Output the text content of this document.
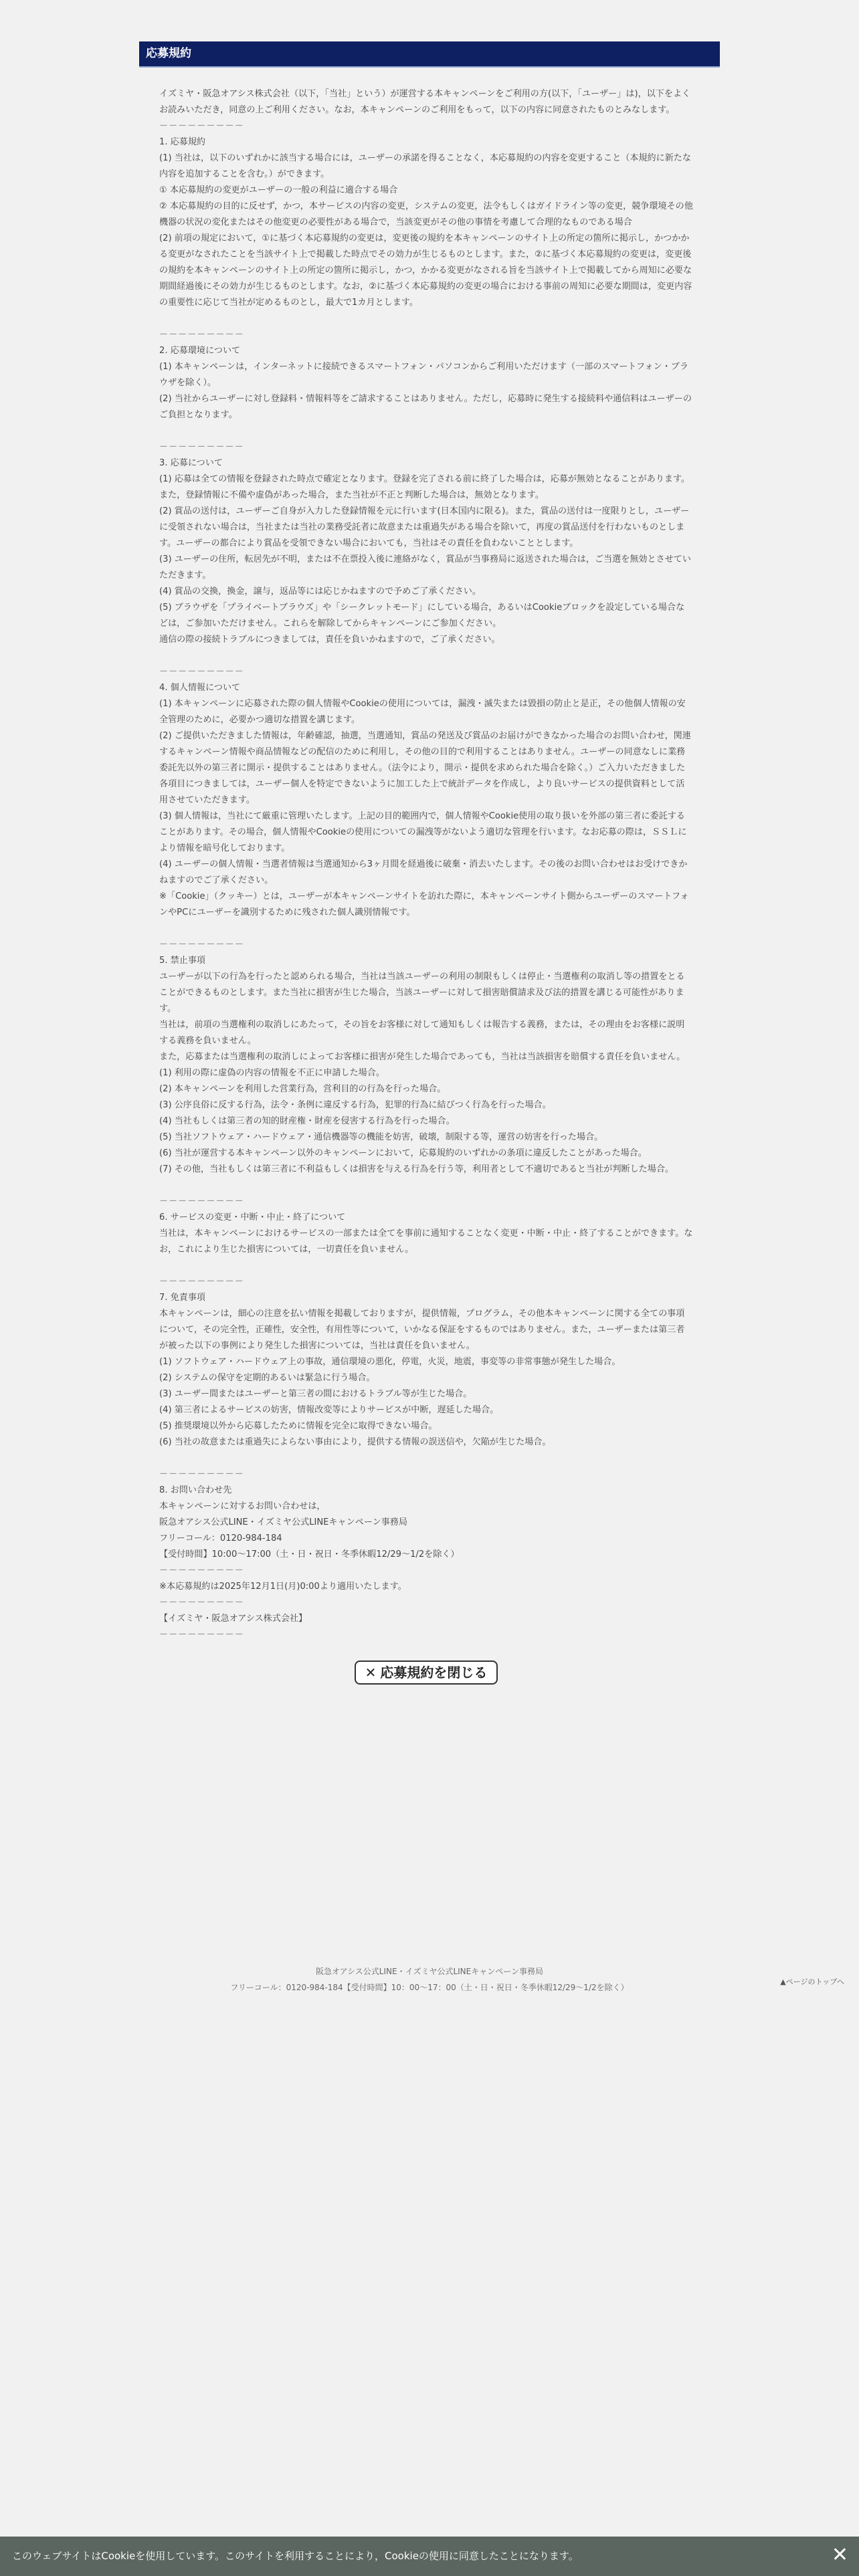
応募規約

イズミヤ・阪急オアシス株式会社（以下，「当社」という）が運営する本キャンペーンをご利用の方(以下，「ユーザー」は)，以下をよくお読みいただき，同意の上ご利用ください。なお，本キャンペーンのご利用をもって，以下の内容に同意されたものとみなします。

－－－－－－－－－

1. 応募規約

(1) 当社は，以下のいずれかに該当する場合には，ユーザーの承諾を得ることなく，本応募規約の内容を変更すること（本規約に新たな内容を追加することを含む。）ができます。

① 本応募規約の変更がユーザーの一般の利益に適合する場合

② 本応募規約の目的に反せず，かつ，本サービスの内容の変更，システムの変更，法令もしくはガイドライン等の変更，競争環境その他機器の状況の変化またはその他変更の必要性がある場合で，当該変更がその他の事情を考慮して合理的なものである場合

(2) 前項の規定において，①に基づく本応募規約の変更は，変更後の規約を本キャンペーンのサイト上の所定の箇所に掲示し，かつかかる変更がなされたことを当該サイト上で掲載した時点でその効力が生じるものとします。また，②に基づく本応募規約の変更は，変更後の規約を本キャンペーンのサイト上の所定の箇所に掲示し，かつ，かかる変更がなされる旨を当該サイト上で掲載してから周知に必要な期間経過後にその効力が生じるものとします。なお，②に基づく本応募規約の変更の場合における事前の周知に必要な期間は，変更内容の重要性に応じて当社が定めるものとし，最大で1カ月とします。

－－－－－－－－－

2. 応募環境について

(1) 本キャンペーンは，インターネットに接続できるスマートフォン・パソコンからご利用いただけます（一部のスマートフォン・ブラウザを除く）。

(2) 当社からユーザーに対し登録料・情報料等をご請求することはありません。ただし，応募時に発生する接続料や通信料はユーザーのご負担となります。

－－－－－－－－－

3. 応募について

(1) 応募は全ての情報を登録された時点で確定となります。登録を完了される前に終了した場合は，応募が無効となることがあります。また，登録情報に不備や虚偽があった場合，また当社が不正と判断した場合は，無効となります。

(2) 賞品の送付は，ユーザーご自身が入力した登録情報を元に行います(日本国内に限る)。また，賞品の送付は一度限りとし，ユーザーに受領されない場合は，当社または当社の業務受託者に故意または重過失がある場合を除いて，再度の賞品送付を行わないものとします。ユーザーの都合により賞品を受領できない場合においても，当社はその責任を負わないこととします。

(3) ユーザーの住所，転居先が不明，または不在票投入後に連絡がなく，賞品が当事務局に返送された場合は，ご当選を無効とさせていただきます。

(4) 賞品の交換，換金，譲与，返品等には応じかねますので予めご了承ください。

(5) ブラウザを「プライベートブラウズ」や「シークレットモード」にしている場合，あるいはCookieブロックを設定している場合などは，ご参加いただけません。これらを解除してからキャンペーンにご参加ください。

通信の際の接続トラブルにつきましては，責任を負いかねますので，ご了承ください。

－－－－－－－－－

4. 個人情報について

(1) 本キャンペーンに応募された際の個人情報やCookieの使用については，漏洩・滅失または毀損の防止と是正，その他個人情報の安全管理のために，必要かつ適切な措置を講じます。

(2) ご提供いただきました情報は，年齢確認，抽選，当選通知，賞品の発送及び賞品のお届けができなかった場合のお問い合わせ，関連するキャンペーン情報や商品情報などの配信のために利用し，その他の目的で利用することはありません。ユーザーの同意なしに業務委託先以外の第三者に開示・提供することはありません。（法令により，開示・提供を求められた場合を除く。）ご入力いただきました各項目につきましては，ユーザー個人を特定できないように加工した上で統計データを作成し，より良いサービスの提供資料として活用させていただきます。

(3) 個人情報は，当社にて厳重に管理いたします。上記の目的範囲内で，個人情報やCookie使用の取り扱いを外部の第三者に委託することがあります。その場合，個人情報やCookieの使用についての漏洩等がないよう適切な管理を行います。なお応募の際は，ＳＳＬにより情報を暗号化しております。

(4) ユーザーの個人情報・当選者情報は当選通知から3ヶ月間を経過後に破棄・消去いたします。その後のお問い合わせはお受けできかねますのでご了承ください。

※「Cookie」（クッキー）とは，ユーザーが本キャンペーンサイトを訪れた際に，本キャンペーンサイト側からユーザーのスマートフォンやPCにユーザーを識別するために残された個人識別情報です。

－－－－－－－－－

5. 禁止事項

ユーザーが以下の行為を行ったと認められる場合，当社は当該ユーザーの利用の制限もしくは停止・当選権利の取消し等の措置をとることができるものとします。また当社に損害が生じた場合，当該ユーザーに対して損害賠償請求及び法的措置を講じる可能性があります。

当社は，前項の当選権利の取消しにあたって，その旨をお客様に対して通知もしくは報告する義務，または，その理由をお客様に説明する義務を負いません。

また，応募または当選権利の取消しによってお客様に損害が発生した場合であっても，当社は当該損害を賠償する責任を負いません。

(1) 利用の際に虚偽の内容の情報を不正に申請した場合。

(2) 本キャンペーンを利用した営業行為，営利目的の行為を行った場合。

(3) 公序良俗に反する行為，法令・条例に違反する行為，犯罪的行為に結びつく行為を行った場合。

(4) 当社もしくは第三者の知的財産権・財産を侵害する行為を行った場合。

(5) 当社ソフトウェア・ハードウェア・通信機器等の機能を妨害，破壊，制限する等，運営の妨害を行った場合。

(6) 当社が運営する本キャンペーン以外のキャンペーンにおいて，応募規約のいずれかの条項に違反したことがあった場合。

(7) その他，当社もしくは第三者に不利益もしくは損害を与える行為を行う等，利用者として不適切であると当社が判断した場合。

－－－－－－－－－

6. サービスの変更・中断・中止・終了について

当社は，本キャンペーンにおけるサービスの一部または全てを事前に通知することなく変更・中断・中止・終了することができます。なお，これにより生じた損害については，一切責任を負いません。

－－－－－－－－－

7. 免責事項

本キャンペーンは，細心の注意を払い情報を掲載しておりますが，提供情報，プログラム，その他本キャンペーンに関する全ての事項について，その完全性，正確性，安全性，有用性等について，いかなる保証をするものではありません。また，ユーザーまたは第三者が被った以下の事例により発生した損害については，当社は責任を負いません。

(1) ソフトウェア・ハードウェア上の事故，通信環境の悪化，停電，火災，地震，事変等の非常事態が発生した場合。

(2) システムの保守を定期的あるいは緊急に行う場合。

(3) ユーザー間またはユーザーと第三者の間におけるトラブル等が生じた場合。

(4) 第三者によるサービスの妨害，情報改変等によりサービスが中断，遅延した場合。

(5) 推奨環境以外から応募したために情報を完全に取得できない場合。

(6) 当社の故意または重過失によらない事由により，提供する情報の誤送信や，欠陥が生じた場合。

－－－－－－－－－

8. お問い合わせ先

本キャンペーンに対するお問い合わせは，

阪急オアシス公式LINE・イズミヤ公式LINEキャンペーン事務局

フリーコール：0120-984-184

【受付時間】10:00～17:00（土・日・祝日・冬季休暇12/29～1/2を除く）

－－－－－－－－－

※本応募規約は2025年12月1日(月)0:00より適用いたします。

－－－－－－－－－

【イズミヤ・阪急オアシス株式会社】

－－－－－－－－－

✕ 応募規約を閉じる
▲ページのトップへ
阪急オアシス公式LINE・イズミヤ公式LINEキャンペーン事務局
フリーコール：0120-984-184【受付時間】10：00～17：00（土・日・祝日・冬季休暇12/29～1/2を除く）
このウェブサイトはCookieを使用しています。このサイトを利用することにより，Cookieの使用に同意したことになります。	✕
